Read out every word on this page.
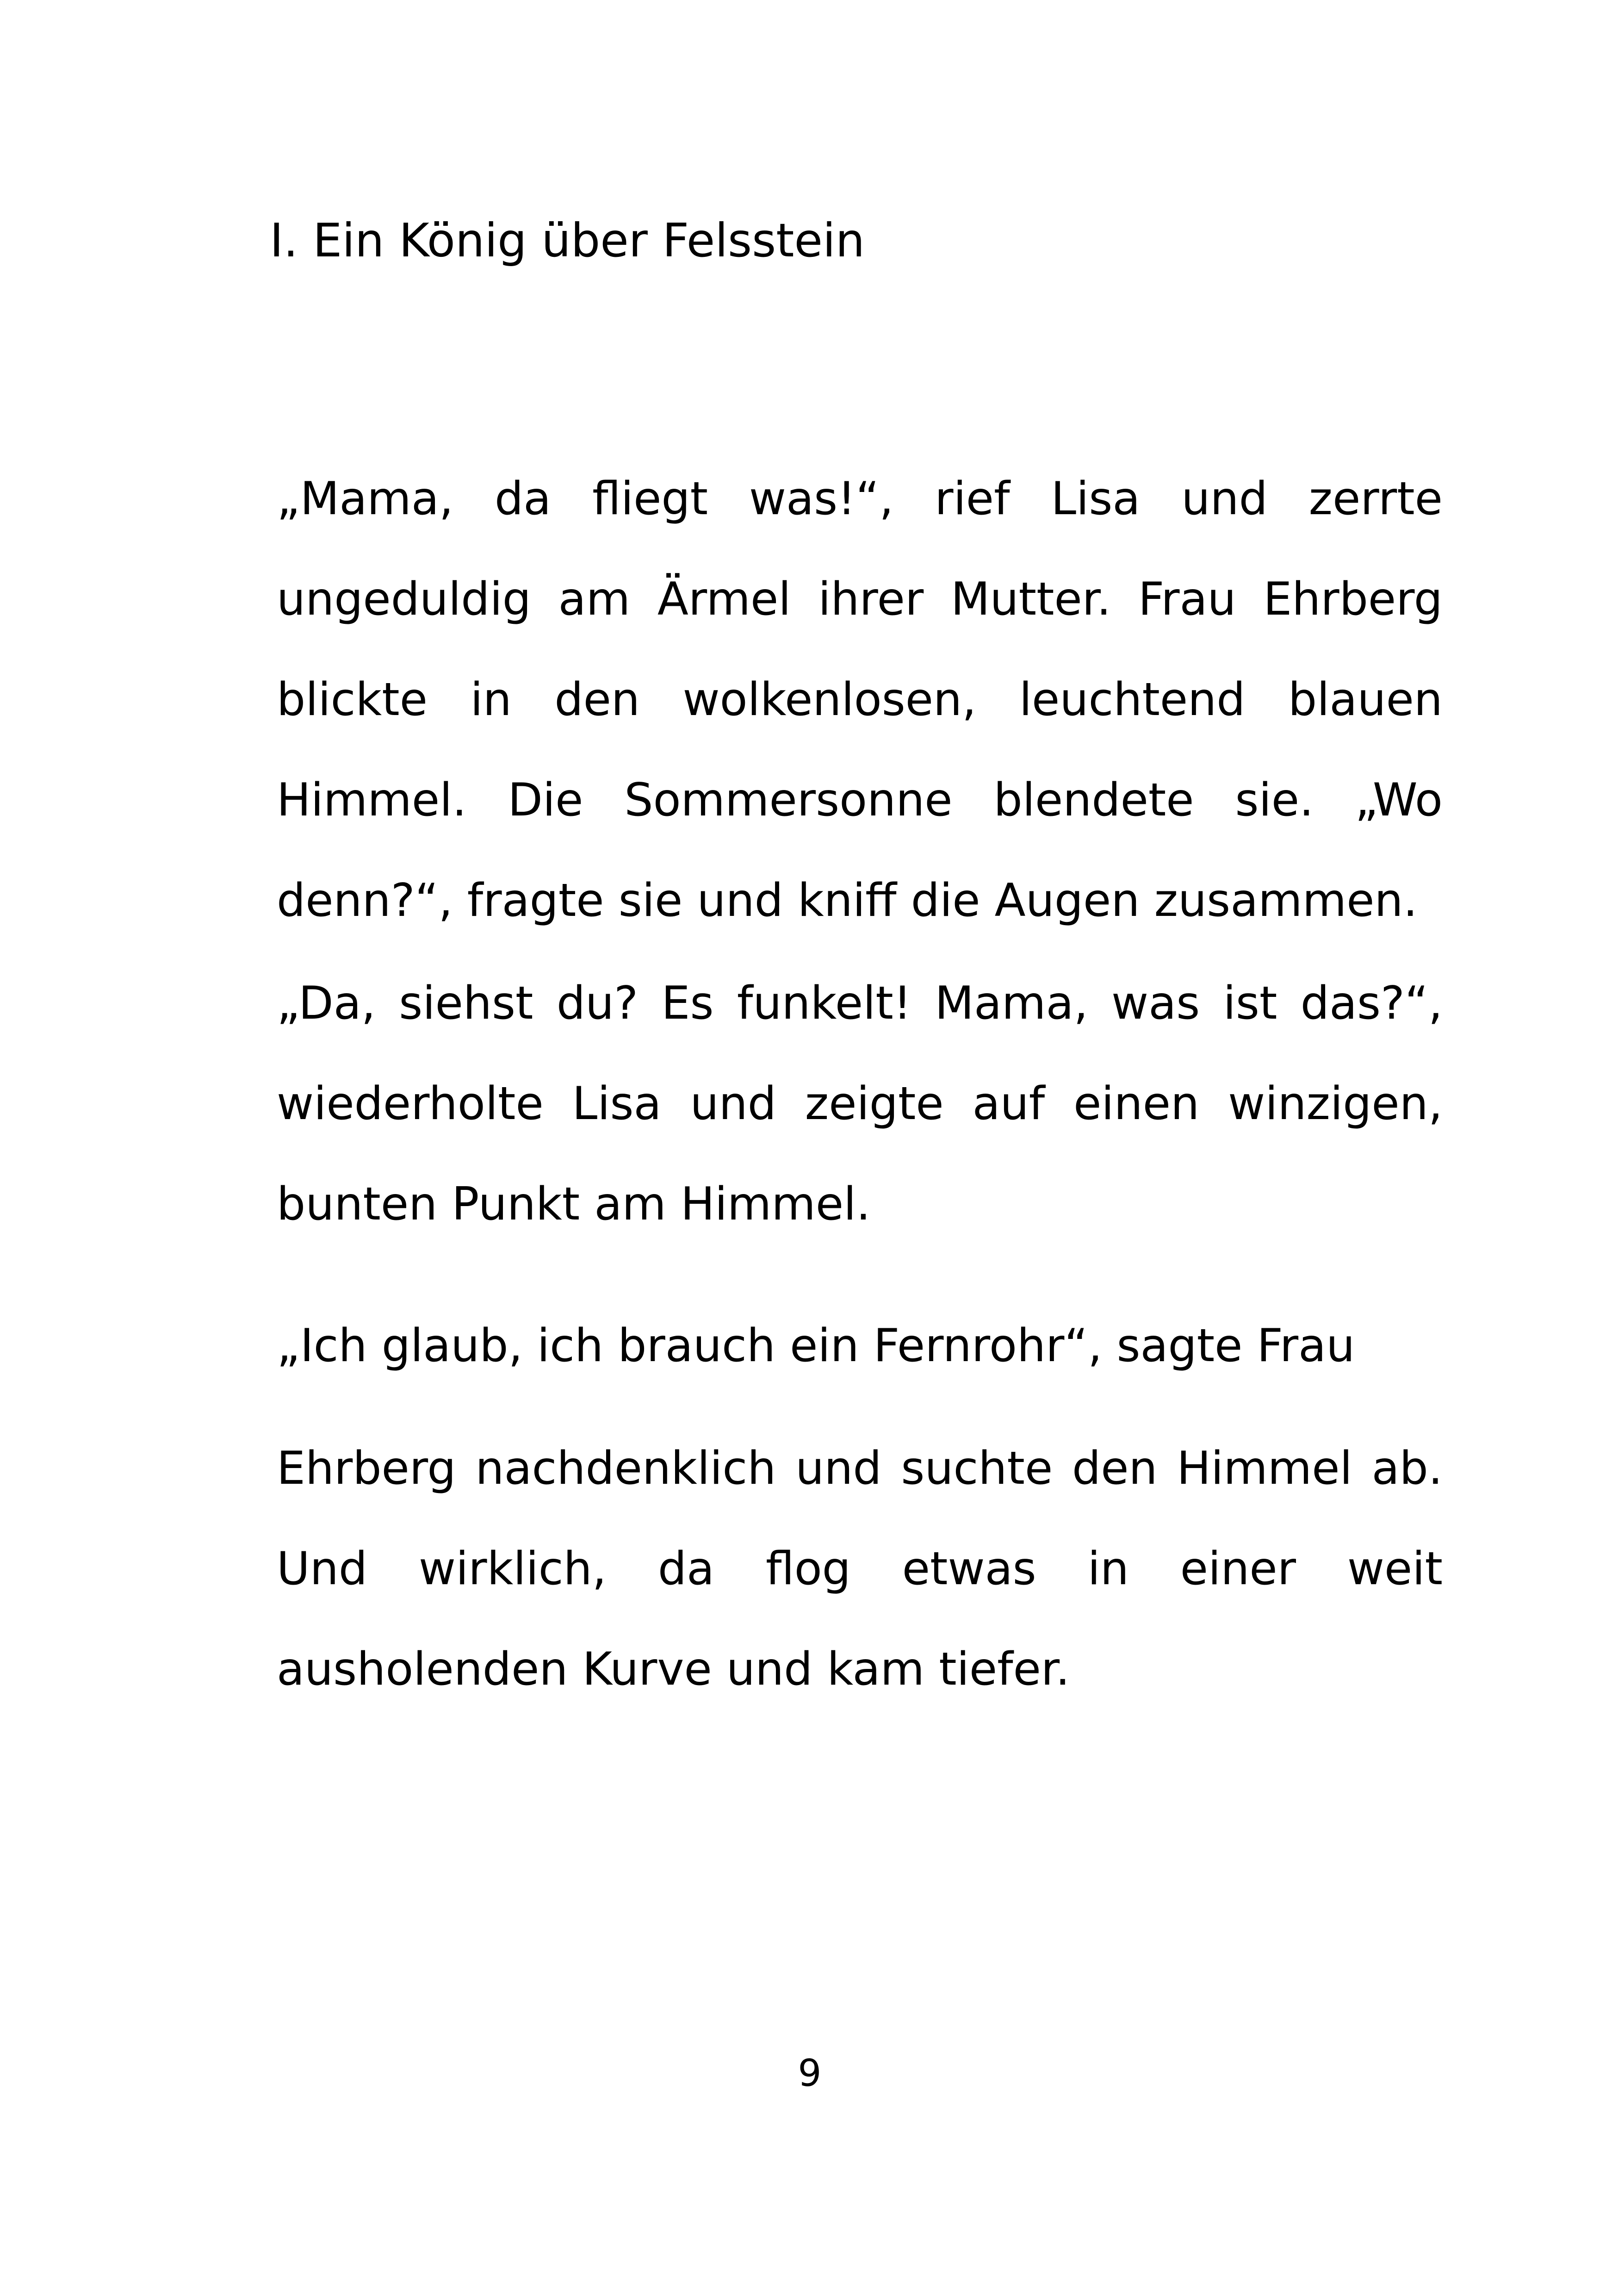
I. Ein König über Felsstein

„Mama, da fliegt was!“, rief Lisa und zerrte ungeduldig am Ärmel ihrer Mutter. Frau Ehrberg blickte in den wolkenlosen, leuchtend blauen Himmel. Die Sommersonne blendete sie. „Wo denn?“, fragte sie und kniff die Augen zusammen.

„Da, siehst du? Es funkelt! Mama, was ist das?“, wiederholte Lisa und zeigte auf einen winzigen, bunten Punkt am Himmel.

„Ich glaub, ich brauch ein Fernrohr“, sagte Frau

Ehrberg nachdenklich und suchte den Himmel ab. Und wirklich, da flog etwas in einer weit ausholenden Kurve und kam tiefer.

9
